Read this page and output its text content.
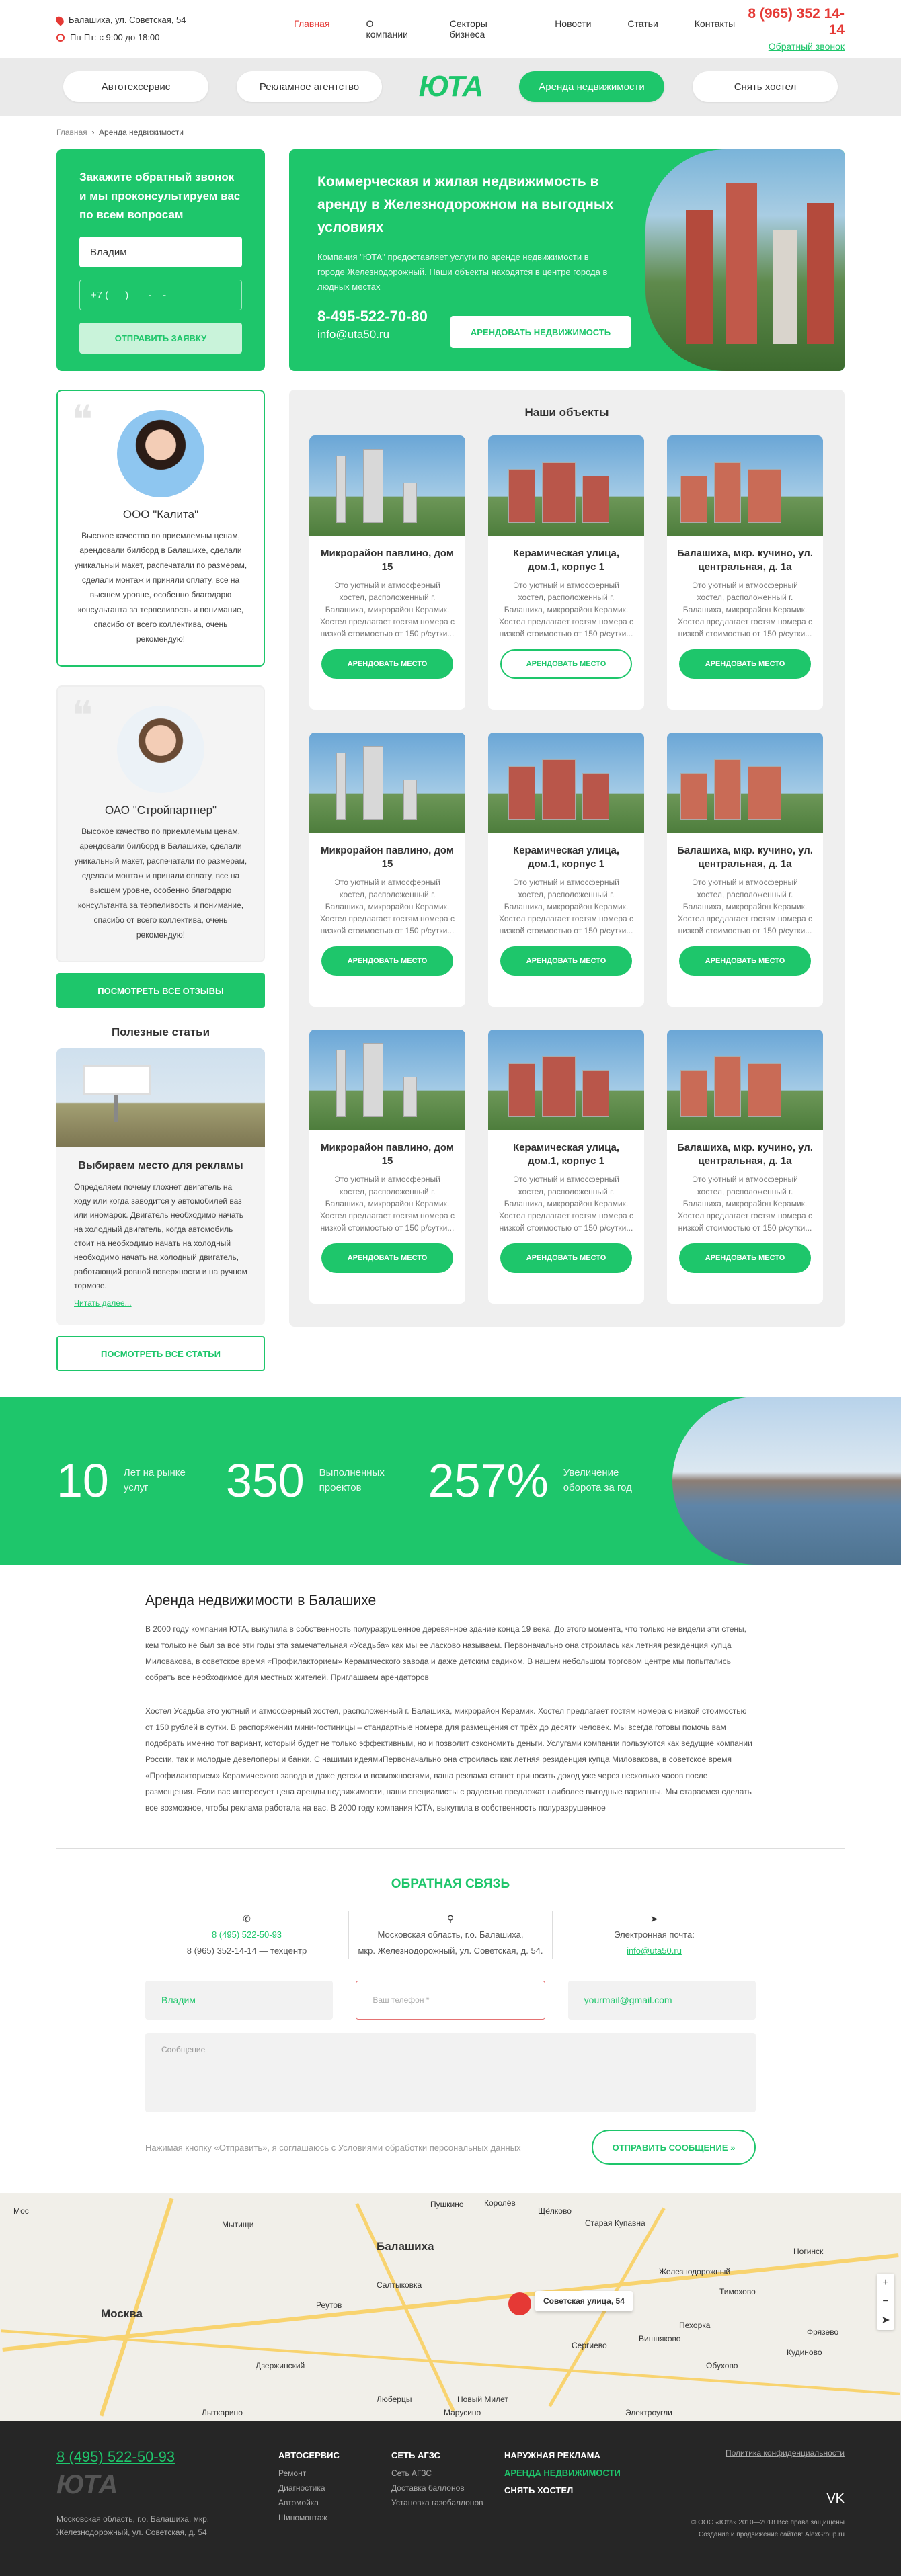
Балашиха, ул. Советская, 54
Пн-Пт: с 9:00 до 18:00
Главная	О компании
Секторы бизнеса
Новости	Статьи	Контакты
8 (965) 352 14-14
Обратный звонок
Автотехсервис	Рекламное агентство	ЮТА	Аренда недвижимости	Снять хостел
Главная  ›  Аренда недвижимости
Закажите обратный звонок и мы проконсультируем вас по всем вопросам
Владим
+7 (___) ___-__-__
ОТПРАВИТЬ ЗАЯВКУ
❝
ООО "Калита"
Высокое качество по приемлемым ценам, арендовали билборд в Балашихе, сделали уникальный макет, распечатали по размерам, сделали монтаж и приняли оплату, все на высшем уровне, особенно благодарю консультанта за терпеливость и понимание, спасибо от всего коллектива, очень рекомендую!
❝
ОАО "Стройпартнер"
Высокое качество по приемлемым ценам, арендовали билборд в Балашихе, сделали уникальный макет, распечатали по размерам, сделали монтаж и приняли оплату, все на высшем уровне, особенно благодарю консультанта за терпеливость и понимание, спасибо от всего коллектива, очень рекомендую!
ПОСМОТРЕТЬ ВСЕ ОТЗЫВЫ
Полезные статьи
Выбираем место для рекламы

Определяем почему глохнет двигатель на ходу или когда заводится у автомобилей ваз или иномарок. Двигатель необходимо начать на холодный двигатель, когда автомобиль стоит на необходимо начать на холодный необходимо начать на холодный двигатель, работающий ровной поверхности и на ручном тормозе.

Читать далее...
ПОСМОТРЕТЬ ВСЕ СТАТЬИ
Коммерческая и жилая недвижимость в аренду в Железнодорожном на выгодных условиях

Компания "ЮТА" предоставляет услуги по аренде недвижимости в городе Железнодорожный. Наши объекты находятся в центре города в людных местах

8-495-522-70-80
info@uta50.ru	АРЕНДОВАТЬ НЕДВИЖИМОСТЬ
Наши объекты
Микрорайон павлино, дом 15

Это уютный и атмосферный хостел, расположенный г. Балашиха, микрорайон Керамик. Хостел предлагает гостям номера с низкой стоимостью от 150 р/сутки...

АРЕНДОВАТЬ МЕСТО
Керамическая улица, дом.1, корпус 1

Это уютный и атмосферный хостел, расположенный г. Балашиха, микрорайон Керамик. Хостел предлагает гостям номера с низкой стоимостью от 150 р/сутки...

АРЕНДОВАТЬ МЕСТО
Балашиха, мкр. кучино, ул. центральная, д. 1а

Это уютный и атмосферный хостел, расположенный г. Балашиха, микрорайон Керамик. Хостел предлагает гостям номера с низкой стоимостью от 150 р/сутки...

АРЕНДОВАТЬ МЕСТО
Микрорайон павлино, дом 15

Это уютный и атмосферный хостел, расположенный г. Балашиха, микрорайон Керамик. Хостел предлагает гостям номера с низкой стоимостью от 150 р/сутки...

АРЕНДОВАТЬ МЕСТО
Керамическая улица, дом.1, корпус 1

Это уютный и атмосферный хостел, расположенный г. Балашиха, микрорайон Керамик. Хостел предлагает гостям номера с низкой стоимостью от 150 р/сутки...

АРЕНДОВАТЬ МЕСТО
Балашиха, мкр. кучино, ул. центральная, д. 1а

Это уютный и атмосферный хостел, расположенный г. Балашиха, микрорайон Керамик. Хостел предлагает гостям номера с низкой стоимостью от 150 р/сутки...

АРЕНДОВАТЬ МЕСТО
Микрорайон павлино, дом 15

Это уютный и атмосферный хостел, расположенный г. Балашиха, микрорайон Керамик. Хостел предлагает гостям номера с низкой стоимостью от 150 р/сутки...

АРЕНДОВАТЬ МЕСТО
Керамическая улица, дом.1, корпус 1

Это уютный и атмосферный хостел, расположенный г. Балашиха, микрорайон Керамик. Хостел предлагает гостям номера с низкой стоимостью от 150 р/сутки...

АРЕНДОВАТЬ МЕСТО
Балашиха, мкр. кучино, ул. центральная, д. 1а

Это уютный и атмосферный хостел, расположенный г. Балашиха, микрорайон Керамик. Хостел предлагает гостям номера с низкой стоимостью от 150 р/сутки...

АРЕНДОВАТЬ МЕСТО
10 Лет на рынке услуг	350 Выполненных проектов	257% Увеличение оборота за год
Аренда недвижимости в Балашихе

В 2000 году компания ЮТА, выкупила в собственность полуразрушенное деревянное здание конца 19 века. До этого момента, что только не видели эти стены, кем только не был за все эти годы эта замечательная «Усадьба» как мы ее ласково называем. Первоначально она строилась как летняя резиденция купца Миловакова, в советское время «Профилакторием» Керамического завода и даже детским садиком. В нашем небольшом торговом центре мы попытались собрать все необходимое для местных жителей. Приглашаем арендаторов

Хостел Усадьба это уютный и атмосферный хостел, расположенный г. Балашиха, микрорайон Керамик. Хостел предлагает гостям номера с низкой стоимостью от 150 рублей в сутки. В распоряжении мини-гостиницы – стандартные номера для размещения от трёх до десяти человек. Мы всегда готовы помочь вам подобрать именно тот вариант, который будет не только эффективным, но и позволит сэкономить деньги. Услугами компании пользуются как ведущие компании России, так и молодые девелоперы и банки. С нашими идеямиПервоначально она строилась как летняя резиденция купца Миловакова, в советское время «Профилакторием» Керамического завода и даже детски и возможностями, ваша реклама станет приносить доход уже через несколько часов после размещения. Если вас интересует цена аренды недвижимости, наши специалисты с радостью предложат наиболее выгодные варианты. Мы стараемся сделать все возможное, чтобы реклама работала на вас. В 2000 году компания ЮТА, выкупила в собственность полуразрушенное

ОБРАТНАЯ СВЯЗЬ
✆
8 (495) 522-50-93
8 (965) 352-14-14 — техцентр
⚲
Московская область, г.о. Балашиха,
мкр. Железнодорожный, ул. Советская, д. 54.
➤
Электронная почта:
info@uta50.ru
Владим	Ваш телефон *	yourmail@gmail.com
Сообщение
Нажимая кнопку «Отправить», я соглашаюсь с Условиями обработки персональных данных	ОТПРАВИТЬ СООБЩЕНИЕ »
Советская улица, 54
+
−
➤
Москва
Балашиха
Реутов
Люберцы
Старая Купавна
Электроугли
Лыткарино
Дзержинский
Ногинск
Пушкино
Щёлково
Железнодорожный
Королёв
Мытищи
Мос
Марусино
Новый Милет
Тимохово
Фрязево
Пехорка
Вишняково
Кудиново
Салтыковка
Сергиево
Обухово
8 (495) 522-50-93
ЮТА
Московская область, г.о. Балашиха, мкр. Железнодорожный, ул. Советская, д. 54
АВТОСЕРВИС
Ремонт
Диагностика
Автомойка
Шиномонтаж
СЕТЬ АГЗС
Сеть АГЗС
Доставка баллонов
Установка газобаллонов
НАРУЖНАЯ РЕКЛАМА
АРЕНДА НЕДВИЖИМОСТИ
СНЯТЬ ХОСТЕЛ
Политика конфиденциальности
VK
© ООО «Юта» 2010—2018 Все права защищены
Создание и продвижение сайтов: AlexGroup.ru
